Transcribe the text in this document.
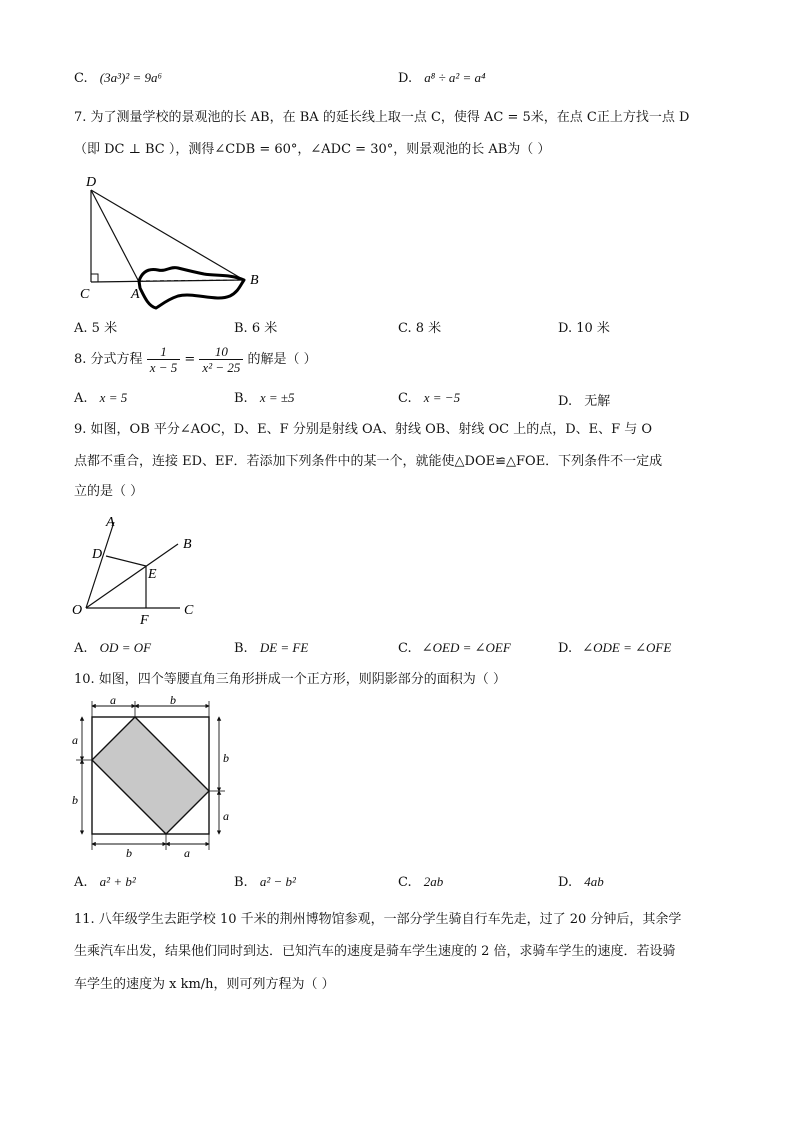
C. (3a³)² = 9a⁶	D. a⁸ ÷ a² = a⁴
7. 为了测量学校的景观池的长 AB，在 BA 的延长线上取一点 C，使得 AC = 5米，在点 C正上方找一点 D
（即 DC ⊥ BC ），测得∠CDB = 60°，∠ADC = 30°，则景观池的长 AB为（ ）
D
C	A
B
A. 5 米	B. 6 米	C. 8 米	D. 10 米
8. 分式方程 $\frac{1}{x - 5} = \frac{10}{\text{x² − 25}}$ 的解是（ ）
A. x = 5	B. x = ±5	C. x = −5	D. 无解
9. 如图，OB 平分∠AOC，D、E、F 分别是射线 OA、射线 OB、射线 OC 上的点，D、E、F 与 O
点都不重合，连接 ED、EF．若添加下列条件中的某一个，就能使△DOE≌△FOE．下列条件不一定成
立的是（ ）
A
B
C
D
E
F
O
A. OD = OF	B. DE = FE	C. ∠OED = ∠OEF	D. ∠ODE = ∠OFE
10. 如图，四个等腰直角三角形拼成一个正方形，则阴影部分的面积为（ ）
a	b
a
b
b
a
b	a
A. a² + b²	B. a² − b²	C. 2ab	D. 4ab
11. 八年级学生去距学校 10 千米的荆州博物馆参观，一部分学生骑自行车先走，过了 20 分钟后，其余学
生乘汽车出发，结果他们同时到达．已知汽车的速度是骑车学生速度的 2 倍，求骑车学生的速度．若设骑
车学生的速度为 x km/h，则可列方程为（ ）
